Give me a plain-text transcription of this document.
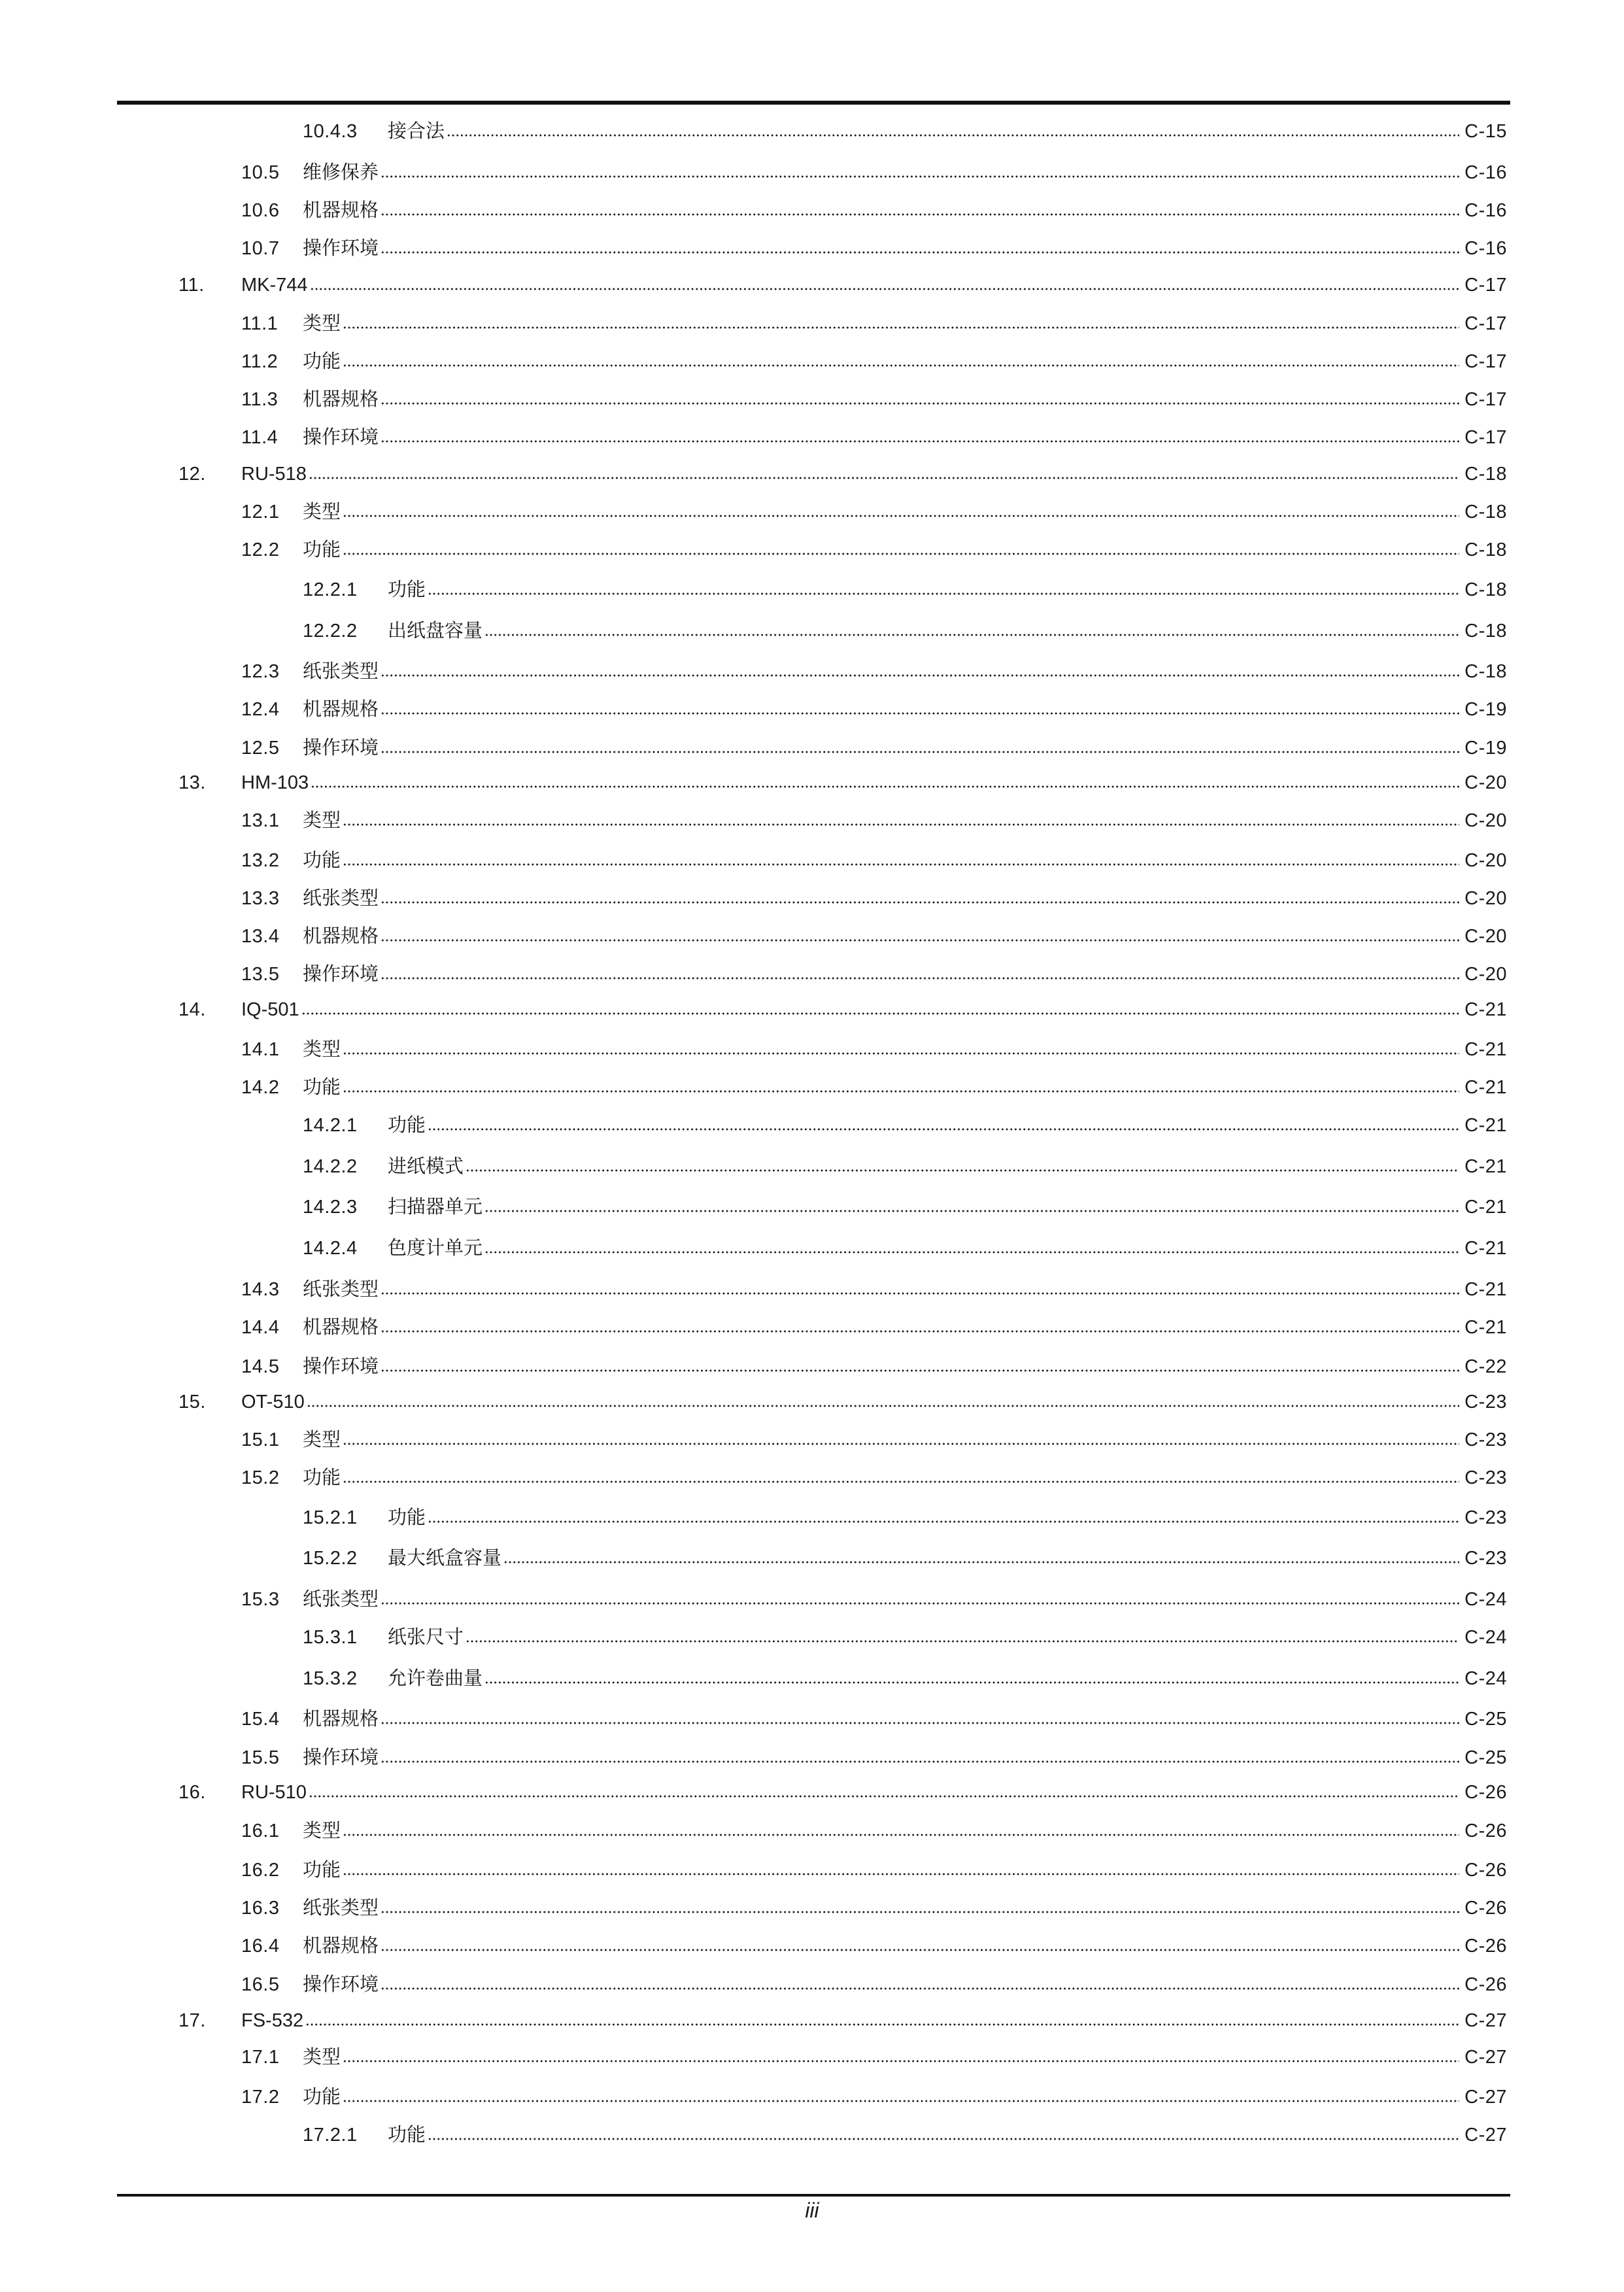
10.4.3 接合法	C-15
10.5 维修保养	C-16
10.6 机器规格	C-16
10.7 操作环境	C-16
11. MK-744	C-17
11.1 类型	C-17
11.2 功能	C-17
11.3 机器规格	C-17
11.4 操作环境	C-17
12. RU-518	C-18
12.1 类型	C-18
12.2 功能	C-18
12.2.1 功能	C-18
12.2.2 出纸盘容量	C-18
12.3 纸张类型	C-18
12.4 机器规格	C-19
12.5 操作环境	C-19
13. HM-103	C-20
13.1 类型	C-20
13.2 功能	C-20
13.3 纸张类型	C-20
13.4 机器规格	C-20
13.5 操作环境	C-20
14. IQ-501	C-21
14.1 类型	C-21
14.2 功能	C-21
14.2.1 功能	C-21
14.2.2 进纸模式	C-21
14.2.3 扫描器单元	C-21
14.2.4 色度计单元	C-21
14.3 纸张类型	C-21
14.4 机器规格	C-21
14.5 操作环境	C-22
15. OT-510	C-23
15.1 类型	C-23
15.2 功能	C-23
15.2.1 功能	C-23
15.2.2 最大纸盒容量	C-23
15.3 纸张类型	C-24
15.3.1 纸张尺寸	C-24
15.3.2 允许卷曲量	C-24
15.4 机器规格	C-25
15.5 操作环境	C-25
16. RU-510	C-26
16.1 类型	C-26
16.2 功能	C-26
16.3 纸张类型	C-26
16.4 机器规格	C-26
16.5 操作环境	C-26
17. FS-532	C-27
17.1 类型	C-27
17.2 功能	C-27
17.2.1 功能	C-27
iii
